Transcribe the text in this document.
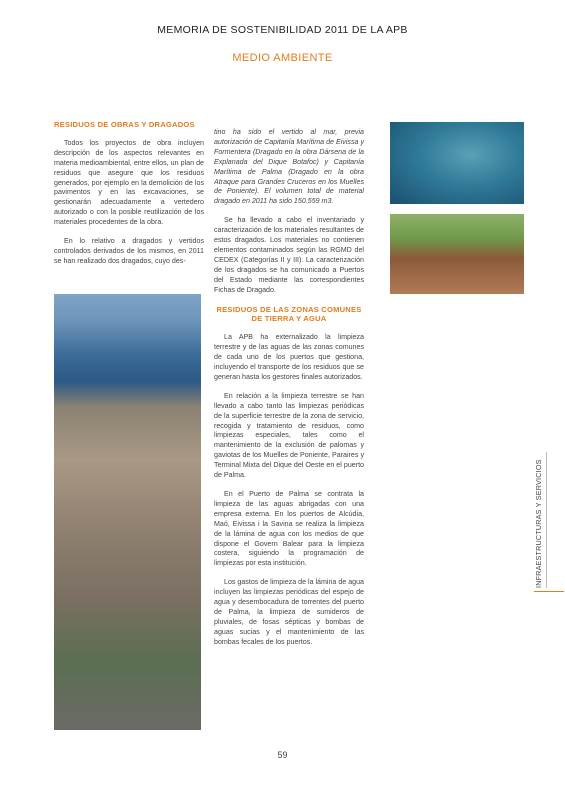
MEMORIA DE SOSTENIBILIDAD 2011 DE LA APB
MEDIO AMBIENTE

RESIDUOS DE OBRAS Y DRAGADOS

Todos los proyectos de obra incluyen descripción de los aspectos relevantes en materia medioambiental, entre ellos, un plan de residuos que asegure que los residuos generados, por ejemplo en la demolición de los pavimentos y en las excavaciones, se gestionarán adecuadamente a vertedero autorizado o con la posible reutilización de los materiales procedentes de la obra.

En lo relativo a dragados y vertidos controlados derivados de los mismos, en 2011 se han realizado dos dragados, cuyo des-

tino ha sido el vertido al mar, previa autorización de Capitanía Marítima de Eivissa y Formentera (Dragado en la obra Dársena de la Explanada del Dique Botafoc) y Capitanía Marítima de Palma (Dragado en la obra Atraque para Grandes Cruceros en los Muelles de Poniente). El volumen total de material dragado en 2011 ha sido 150.559 m3.

Se ha llevado a cabo el inventariado y caracterización de los materiales resultantes de estos dragados. Los materiales no contienen elementos contaminados según las RGMD del CEDEX (Categorías II y III). La caracterización de los dragados se ha comunicado a Puertos del Estado mediante las correspondientes Fichas de Dragado.

RESIDUOS DE LAS ZONAS COMUNES DE TIERRA Y AGUA

La APB ha externalizado la limpieza terrestre y de las aguas de las zonas comunes de cada uno de los puertos que gestiona, incluyendo el transporte de los residuos que se generan hasta los gestores finales autorizados.

En relación a la limpieza terrestre se han llevado a cabo tanto las limpiezas periódicas de la superficie terrestre de la zona de servicio, recogida y tratamiento de residuos, como limpiezas especiales, tales como el mantenimiento de la exclusión de palomas y gaviotas de los Muelles de Poniente, Paraires y Terminal Mixta del Dique del Oeste en el puerto de Palma.

En el Puerto de Palma se contrata la limpieza de las aguas abrigadas con una empresa externa. En los puertos de Alcúdia, Maó, Eivissa i la Savina se realiza la limpieza de la lámina de agua con los medios de que dispone el Govern Balear para la limpieza costera, siguiendo la programación de limpiezas por esta institución.

Los gastos de limpieza de la lámina de agua incluyen las limpiezas periódicas del espejo de agua y desembocadura de torrentes del puerto de Palma, la limpieza de sumideros de pluviales, de fosas sépticas y bombas de aguas sucias y el mantenimiento de las bombas fecales de los puertos.

INFRAESTRUCTURAS Y SERVICIOS
59
